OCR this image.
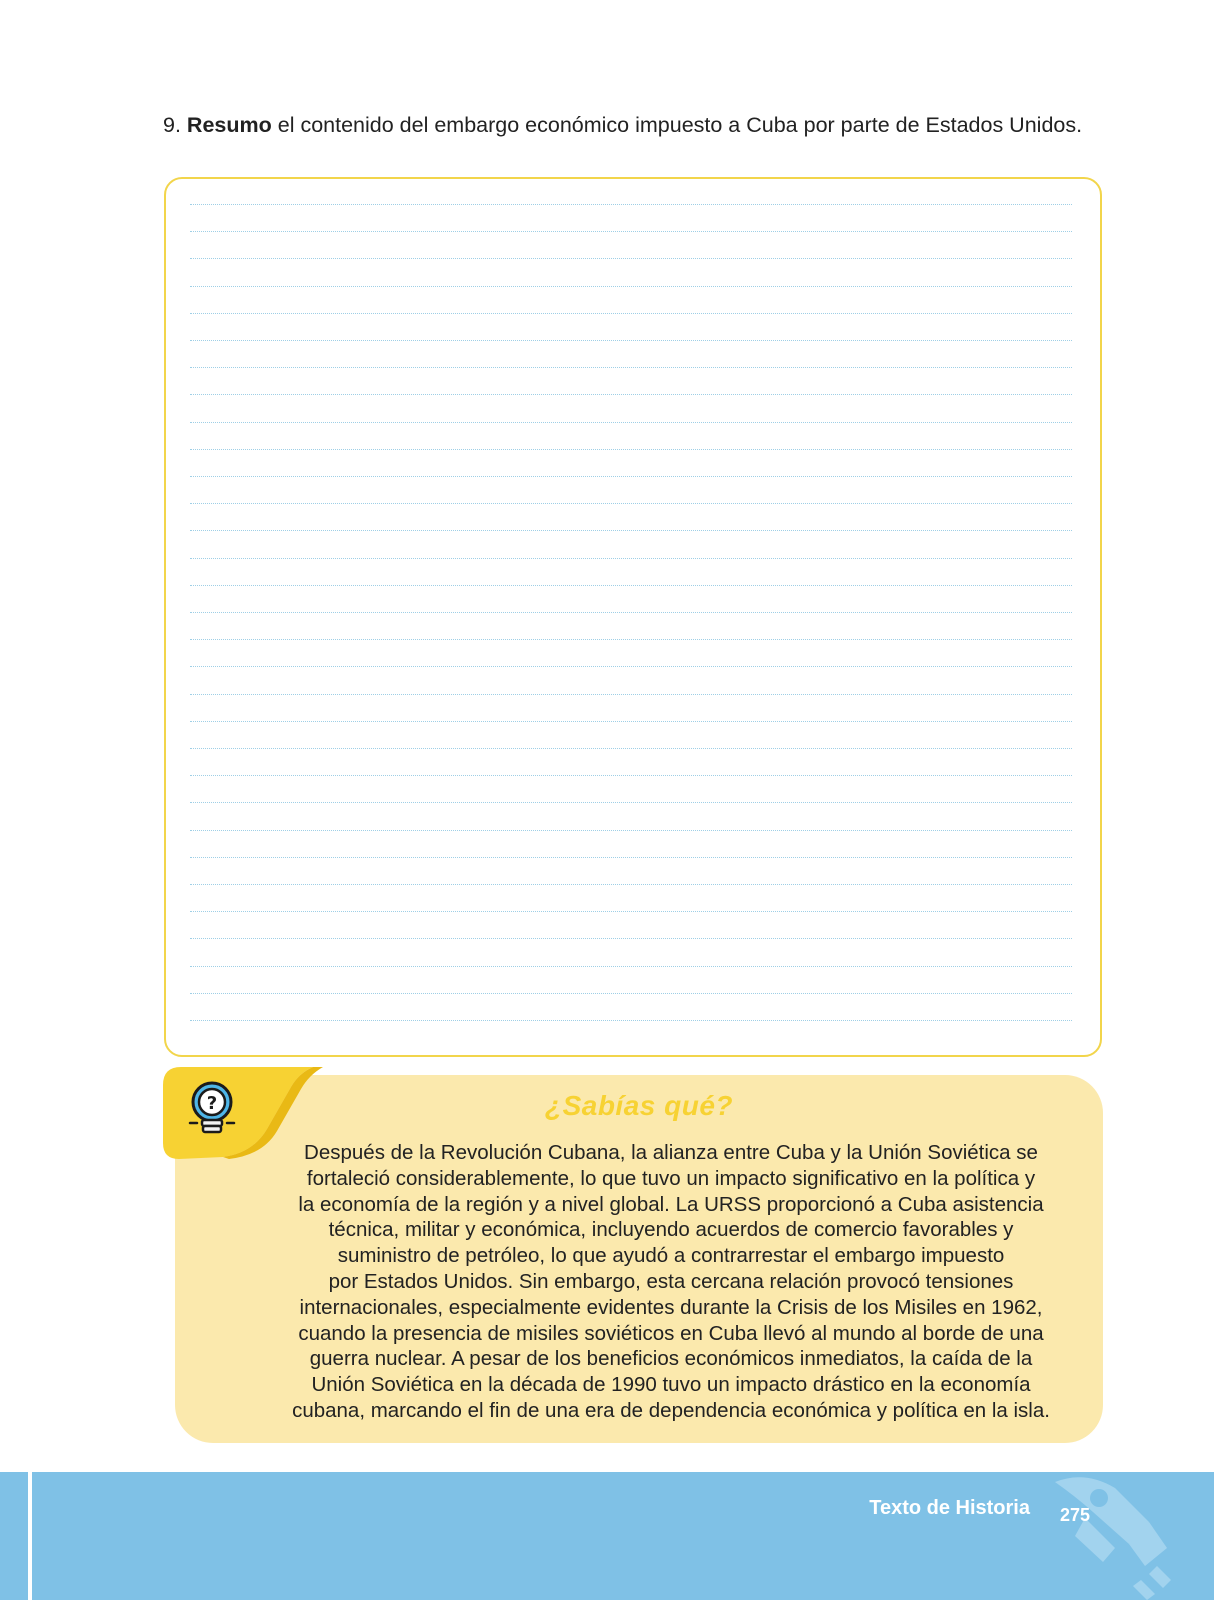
9. Resumo el contenido del embargo económico impuesto a Cuba por parte de Estados Unidos.
?	¿Sabías qué?
Después de la Revolución Cubana, la alianza entre Cuba y la Unión Soviética se
fortaleció considerablemente, lo que tuvo un impacto significativo en la política y
la economía de la región y a nivel global. La URSS proporcionó a Cuba asistencia
técnica, militar y económica, incluyendo acuerdos de comercio favorables y
suministro de petróleo, lo que ayudó a contrarrestar el embargo impuesto
por Estados Unidos. Sin embargo, esta cercana relación provocó tensiones
internacionales, especialmente evidentes durante la Crisis de los Misiles en 1962,
cuando la presencia de misiles soviéticos en Cuba llevó al mundo al borde de una
guerra nuclear. A pesar de los beneficios económicos inmediatos, la caída de la
Unión Soviética en la década de 1990 tuvo un impacto drástico en la economía
cubana, marcando el fin de una era de dependencia económica y política en la isla.
Texto de Historia	275
